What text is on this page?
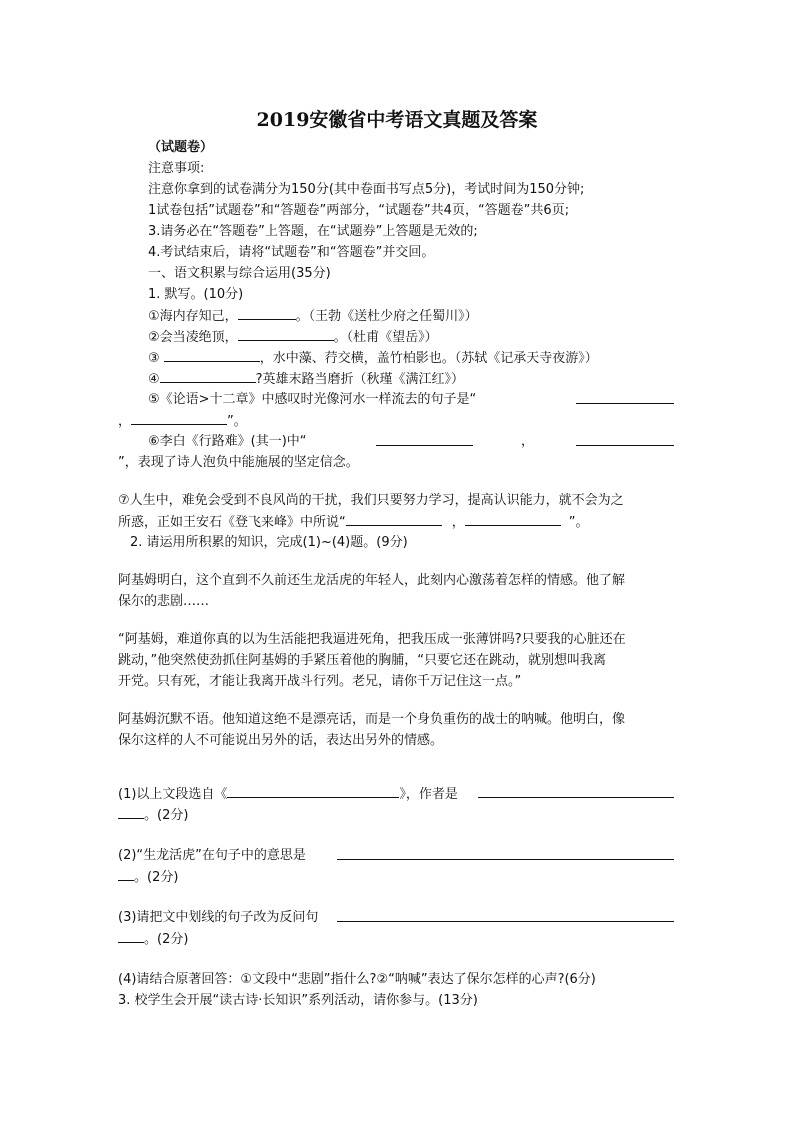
2019安徽省中考语文真题及答案
（试题卷）
注意事项:
注意你拿到的试卷满分为150分(其中卷面书写点5分)，考试时间为150分钟;
1试卷包括”试题卷”和“答题卷”两部分，“试题卷”共4页，“答题卷”共6页;
3.请务必在“答题卷”上答题，在“试题券”上答题是无效的;
4.考试结束后，请将“试题卷”和“答题卷”并交回。
一、语文积累与综合运用(35分)
1. 默写。(10分)
①海内存知己，	。（王勃《送杜少府之任蜀川》）
②会当凌绝顶，	。（杜甫《望岳》）
③	，水中藻、荇交横，盖竹柏影也。（苏轼《记承天寺夜游》）
④	?英雄末路当磨折（秋瑾《满江红》）
⑤《论语>十二章》中感叹时光像河水一样流去的句子是“
，	”。
⑥李白《行路难》(其一)中“	，
”，表现了诗人泡负中能施展的坚定信念。
⑦人生中，难免会受到不良风尚的干扰，我们只要努力学习，提高认识能力，就不会为之
所惑，正如王安石《登飞来峰》中所说“	，	”。
2. 请运用所积累的知识，完成(1)~(4)题。(9分)
阿基姆明白，这个直到不久前还生龙活虎的年轻人，此刻内心激荡着怎样的情感。他了解
保尔的悲剧……
“阿基姆，难道你真的以为生活能把我逼进死角，把我压成一张薄饼吗?只要我的心脏还在
跳动，”他突然使劲抓住阿基姆的手紧压着他的胸脯，“只要它还在跳动，就别想叫我离
开党。只有死，才能让我离开战斗行列。老兄，请你千万记住这一点。”
阿基姆沉默不语。他知道这绝不是漂亮话，而是一个身负重伤的战士的呐喊。他明白，像
保尔这样的人不可能说出另外的话，表达出另外的情感。
(1)以上文段选自《	》，作者是
。(2分)
(2)“生龙活虎”在句子中的意思是
。(2分)
(3)请把文中划线的句子改为反问句
。(2分)
(4)请结合原著回答：①文段中“悲剧”指什么?②“呐喊”表达了保尔怎样的心声?(6分)
3. 校学生会开展“读古诗·长知识”系列活动，请你参与。(13分)
